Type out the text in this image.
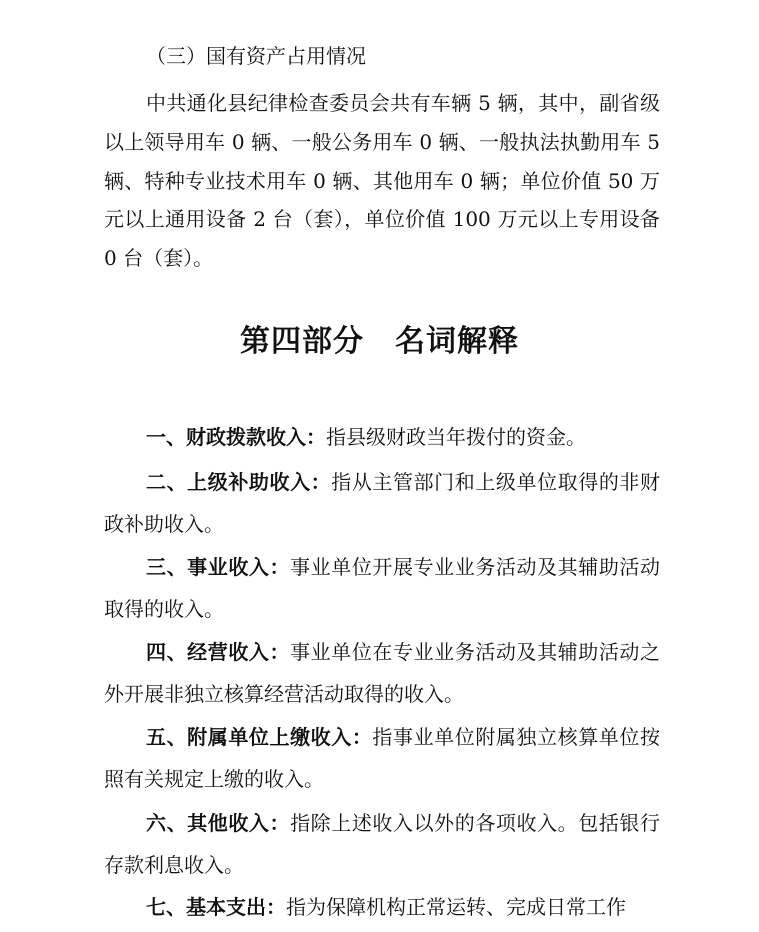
（三）国有资产占用情况

中共通化县纪律检查委员会共有车辆 5 辆，其中，副省级以上领导用车 0 辆、一般公务用车 0 辆、一般执法执勤用车 5 辆、特种专业技术用车 0 辆、其他用车 0 辆；单位价值 50 万元以上通用设备 2 台（套），单位价值 100 万元以上专用设备 0 台（套）。

第四部分　名词解释

一、财政拨款收入：指县级财政当年拨付的资金。

二、上级补助收入：指从主管部门和上级单位取得的非财政补助收入。

三、事业收入：事业单位开展专业业务活动及其辅助活动取得的收入。

四、经营收入：事业单位在专业业务活动及其辅助活动之外开展非独立核算经营活动取得的收入。

五、附属单位上缴收入：指事业单位附属独立核算单位按照有关规定上缴的收入。

六、其他收入：指除上述收入以外的各项收入。包括银行存款利息收入。

七、基本支出：指为保障机构正常运转、完成日常工作
